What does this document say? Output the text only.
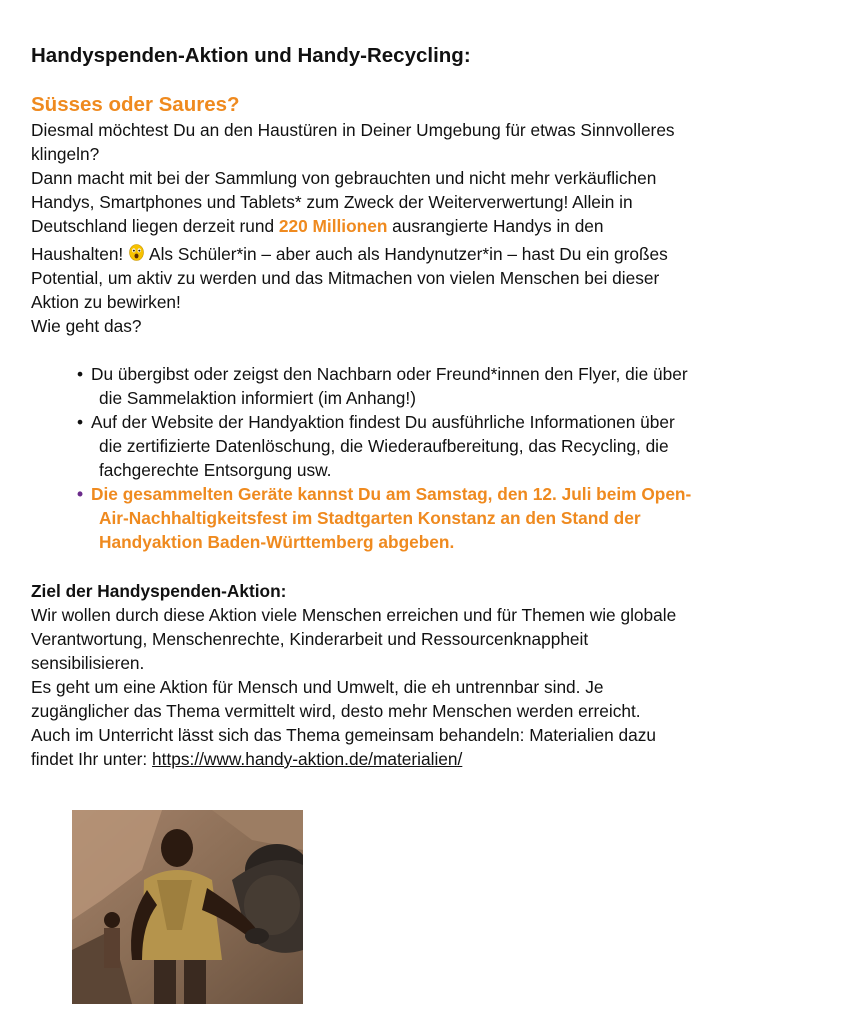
Handyspenden-Aktion und Handy-Recycling:
Süsses oder Saures?
Diesmal möchtest Du an den Haustüren in Deiner Umgebung für etwas Sinnvolleres
klingeln?
Dann macht mit bei der Sammlung von gebrauchten und nicht mehr verkäuflichen
Handys, Smartphones und Tablets* zum Zweck der Weiterverwertung! Allein in
Deutschland liegen derzeit rund 220 Millionen ausrangierte Handys in den
Haushalten! Als Schüler*in – aber auch als Handynutzer*in – hast Du ein großes
Potential, um aktiv zu werden und das Mitmachen von vielen Menschen bei dieser
Aktion zu bewirken!
Wie geht das?
• Du übergibst oder zeigst den Nachbarn oder Freund*innen den Flyer, die über
die Sammelaktion informiert (im Anhang!)
• Auf der Website der Handyaktion findest Du ausführliche Informationen über
die zertifizierte Datenlöschung, die Wiederaufbereitung, das Recycling, die
fachgerechte Entsorgung usw.
• Die gesammelten Geräte kannst Du am Samstag, den 12. Juli beim Open-
Air-Nachhaltigkeitsfest im Stadtgarten Konstanz an den Stand der
Handyaktion Baden-Württemberg abgeben.
Ziel der Handyspenden-Aktion:
Wir wollen durch diese Aktion viele Menschen erreichen und für Themen wie globale
Verantwortung, Menschenrechte, Kinderarbeit und Ressourcenknappheit
sensibilisieren.
Es geht um eine Aktion für Mensch und Umwelt, die eh untrennbar sind. Je
zugänglicher das Thema vermittelt wird, desto mehr Menschen werden erreicht.
Auch im Unterricht lässt sich das Thema gemeinsam behandeln: Materialien dazu
findet Ihr unter: https://www.handy-aktion.de/materialien/
